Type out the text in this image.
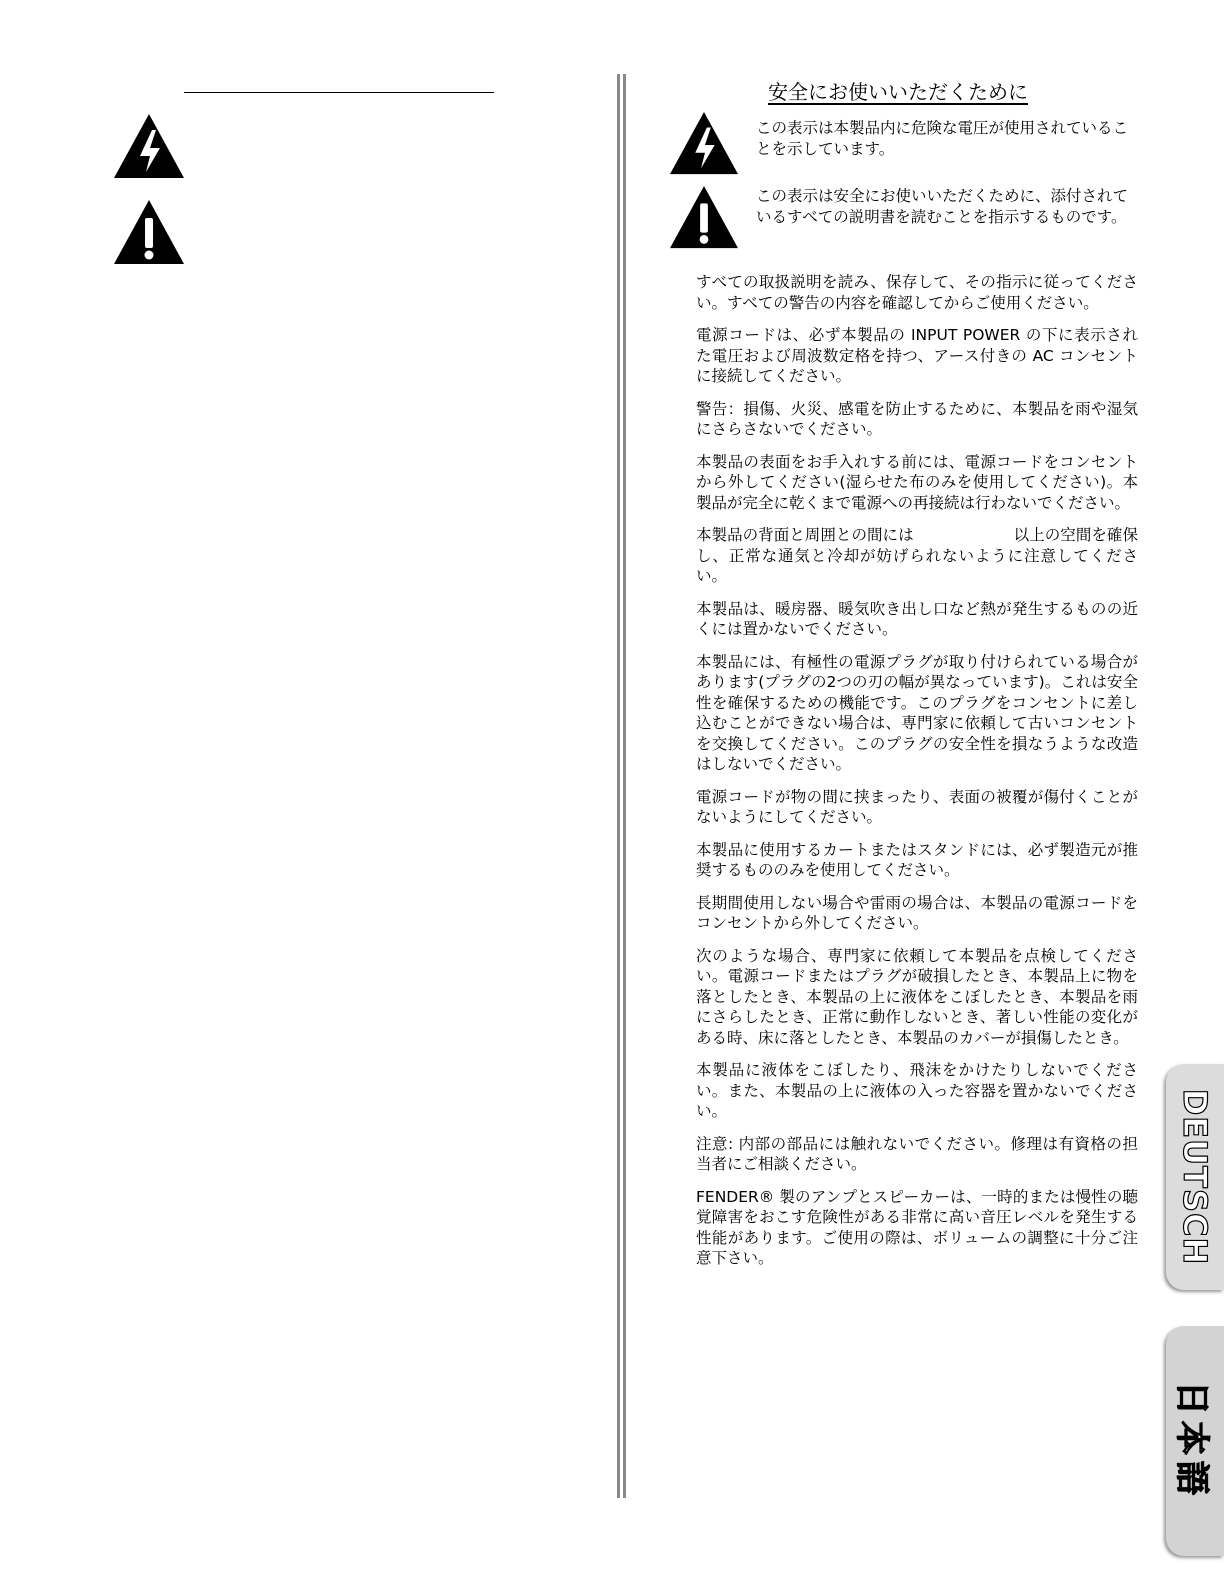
安全にお使いいただくために
この表示は本製品内に危険な電圧が使用されていることを示しています。
この表示は安全にお使いいただくために、添付されているすべての説明書を読むことを指示するものです。

すべての取扱説明を読み、保存して、その指示に従ってください。すべての警告の内容を確認してからご使用ください。

電源コードは、必ず本製品の INPUT POWER の下に表示された電圧および周波数定格を持つ、アース付きの AC コンセントに接続してください。

警告：損傷、火災、感電を防止するために、本製品を雨や湿気にさらさないでください。

本製品の表面をお手入れする前には、電源コードをコンセントから外してください(湿らせた布のみを使用してください)。本製品が完全に乾くまで電源への再接続は行わないでください。

本製品の背面と周囲との間には	以上の空間を確保し、正常な通気と冷却が妨げられないように注意してください。

本製品は、暖房器、暖気吹き出し口など熱が発生するものの近くには置かないでください。

本製品には、有極性の電源プラグが取り付けられている場合があります(プラグの2つの刃の幅が異なっています)。これは安全性を確保するための機能です。このプラグをコンセントに差し込むことができない場合は、専門家に依頼して古いコンセントを交換してください。このプラグの安全性を損なうような改造はしないでください。

電源コードが物の間に挟まったり、表面の被覆が傷付くことがないようにしてください。

本製品に使用するカートまたはスタンドには、必ず製造元が推奨するもののみを使用してください。

長期間使用しない場合や雷雨の場合は、本製品の電源コードをコンセントから外してください。

次のような場合、専門家に依頼して本製品を点検してください。電源コードまたはプラグが破損したとき、本製品上に物を落としたとき、本製品の上に液体をこぼしたとき、本製品を雨にさらしたとき、正常に動作しないとき、著しい性能の変化がある時、床に落としたとき、本製品のカバーが損傷したとき。

本製品に液体をこぼしたり、飛沫をかけたりしないでください。また、本製品の上に液体の入った容器を置かないでください。

注意: 内部の部品には触れないでください。修理は有資格の担当者にご相談ください。

FENDER® 製のアンプとスピーカーは、一時的または慢性の聴覚障害をおこす危険性がある非常に高い音圧レベルを発生する性能があります。ご使用の際は、ボリュームの調整に十分ご注意下さい。	DEUTSCH
日本語
